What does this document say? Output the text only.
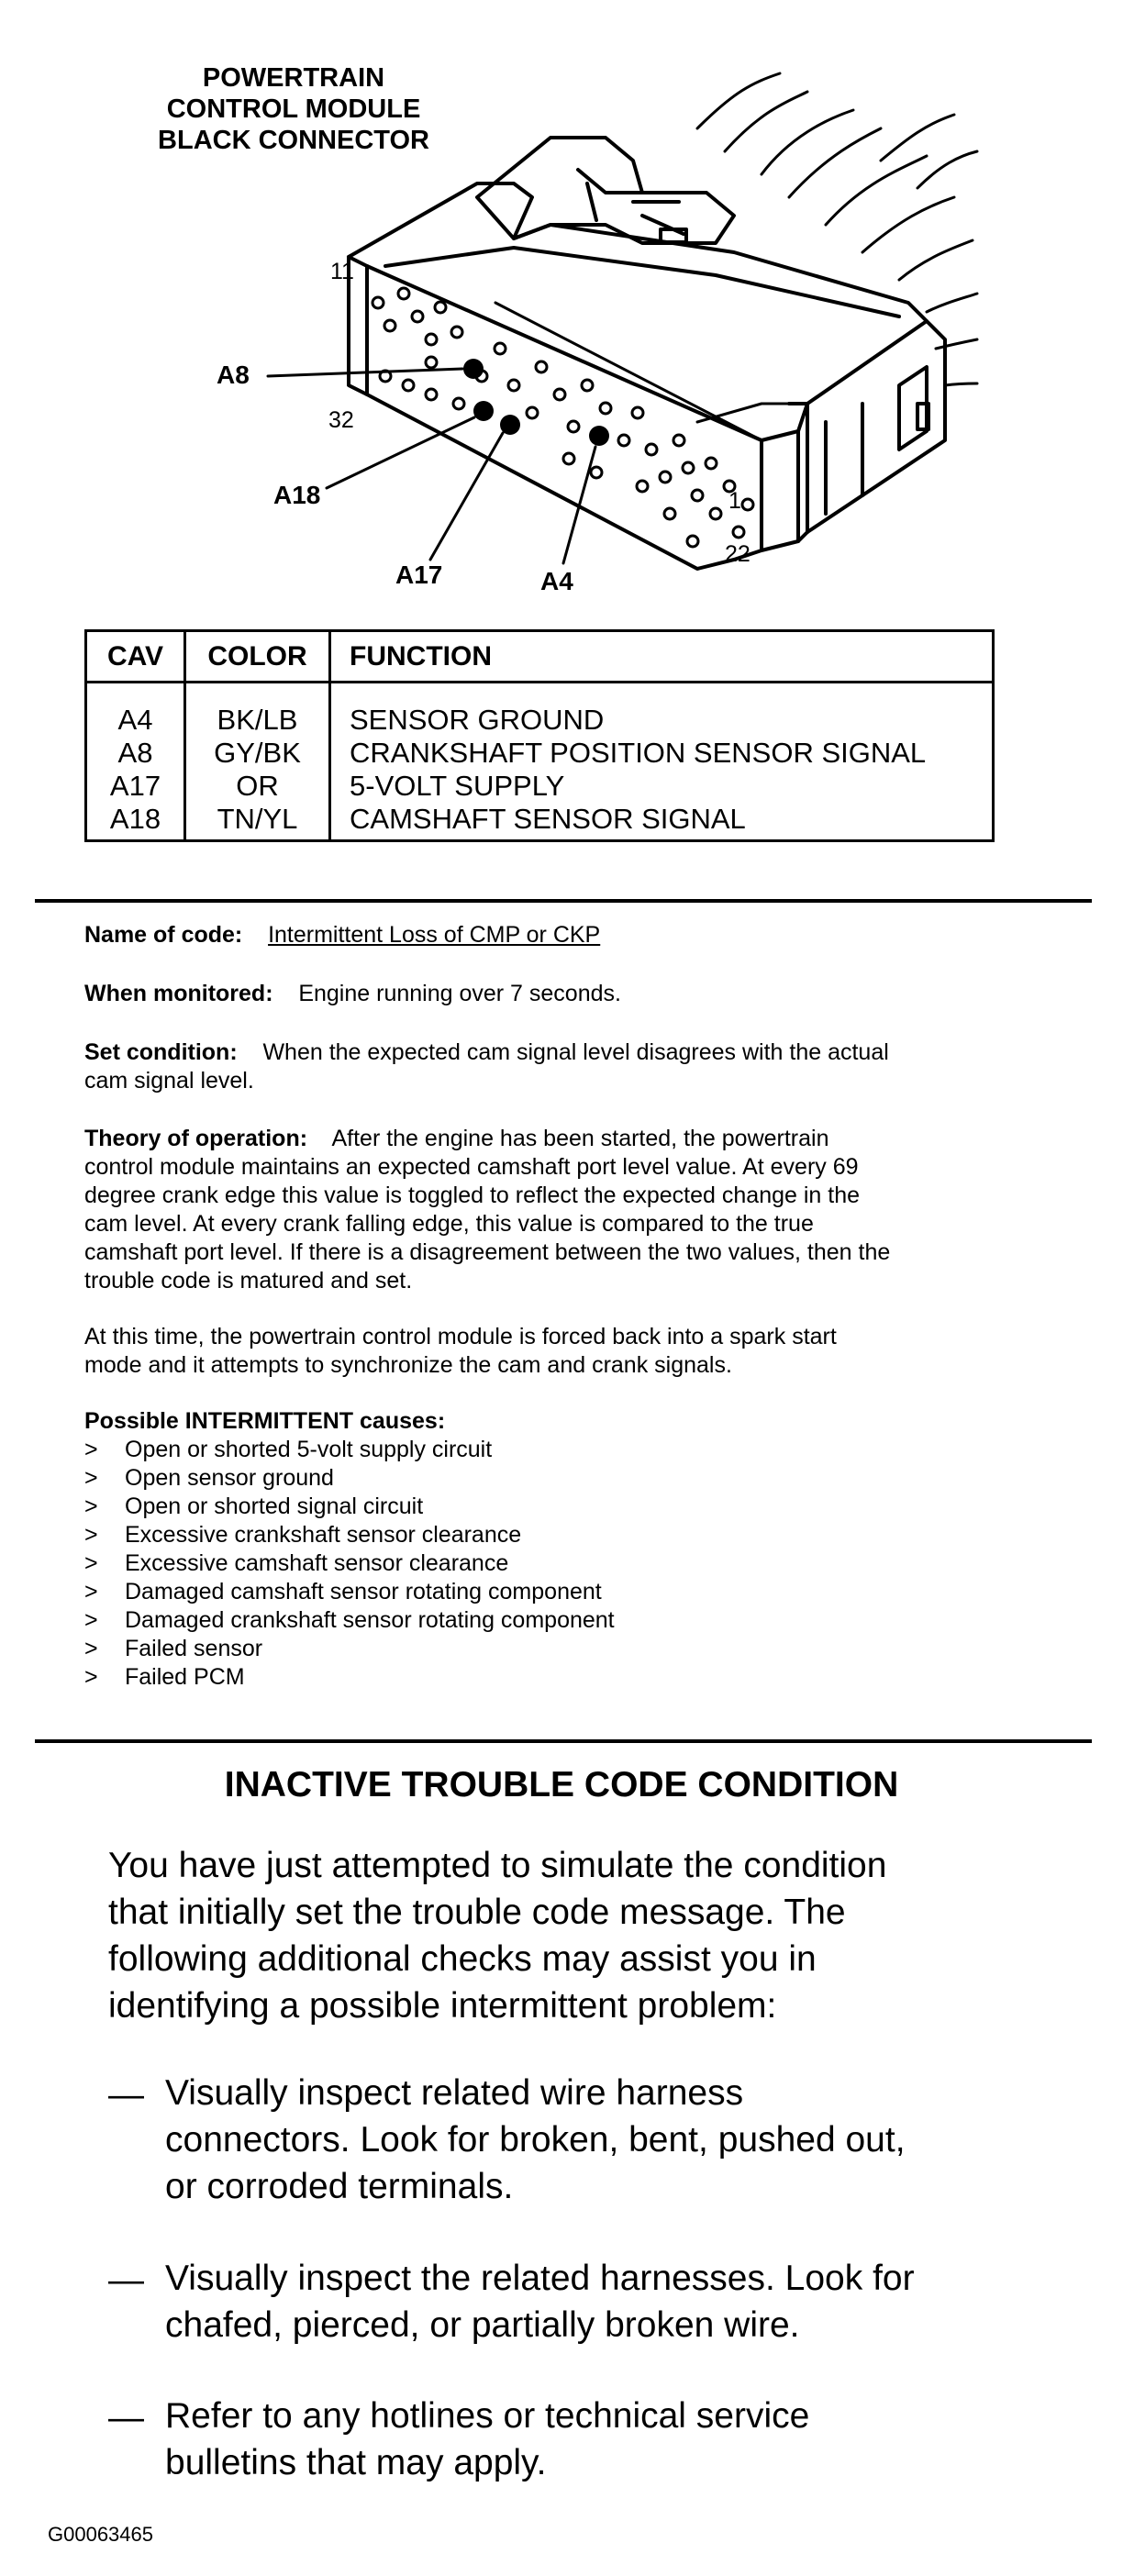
POWERTRAIN
CONTROL MODULE
BLACK CONNECTOR
A8
A18
A17	A4
11
32
1
22
CAV
A4
A8
A17
A18
COLOR
BK/LB
GY/BK
OR
TN/YL
FUNCTION
SENSOR GROUND
CRANKSHAFT POSITION SENSOR SIGNAL
5-VOLT SUPPLY
CAMSHAFT SENSOR SIGNAL
Name of code: Intermittent Loss of CMP or CKP
When monitored: Engine running over 7 seconds.
Set condition: When the expected cam signal level disagrees with the actual
cam signal level.
Theory of operation: After the engine has been started, the powertrain
control module maintains an expected camshaft port level value. At every 69
degree crank edge this value is toggled to reflect the expected change in the
cam level. At every crank falling edge, this value is compared to the true
camshaft port level. If there is a disagreement between the two values, then the
trouble code is matured and set.
At this time, the powertrain control module is forced back into a spark start
mode and it attempts to synchronize the cam and crank signals.
Possible INTERMITTENT causes:
> Open or shorted 5-volt supply circuit
> Open sensor ground
> Open or shorted signal circuit
> Excessive crankshaft sensor clearance
> Excessive camshaft sensor clearance
> Damaged camshaft sensor rotating component
> Damaged crankshaft sensor rotating component
> Failed sensor
> Failed PCM
INACTIVE TROUBLE CODE CONDITION
You have just attempted to simulate the condition
that initially set the trouble code message. The
following additional checks may assist you in
identifying a possible intermittent problem:
— Visually inspect related wire harness
connectors. Look for broken, bent, pushed out,
or corroded terminals.
— Visually inspect the related harnesses. Look for
chafed, pierced, or partially broken wire.
— Refer to any hotlines or technical service
bulletins that may apply.
G00063465
